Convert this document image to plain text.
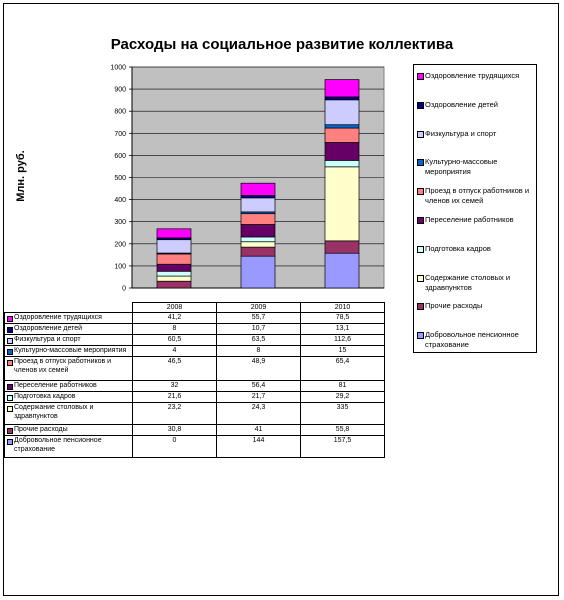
Расходы на социальное развитие коллектива
Млн. руб.
0
100
200
300
400
500
600
700
800
900
1000
Оздоровление трудящихся
Оздоровление детей
Физкультура и спорт
Культурно-массовые мероприятия
Проезд в отпуск работников и членов их семей
Переселение работников
Подготовка кадров
Содержание столовых и здравпунктов
Прочие расходы
Добровольное пенсионное страхование
	2008	2009	2010

Оздоровление трудящихся	41,2	55,7	78,5

Оздоровление детей	8	10,7	13,1

Физкультура и спорт	60,5	63,5	112,6

Культурно-массовые мероприятия	4	8	15

Проезд в отпуск работников и членов их семей	46,5	48,9	65,4

Переселение работников	32	56,4	81

Подготовка кадров	21,6	21,7	29,2

Содержание столовых и здравпунктов	23,2	24,3	335

Прочие расходы	30,8	41	55,8

Добровольное пенсионное страхование	0	144	157,5
